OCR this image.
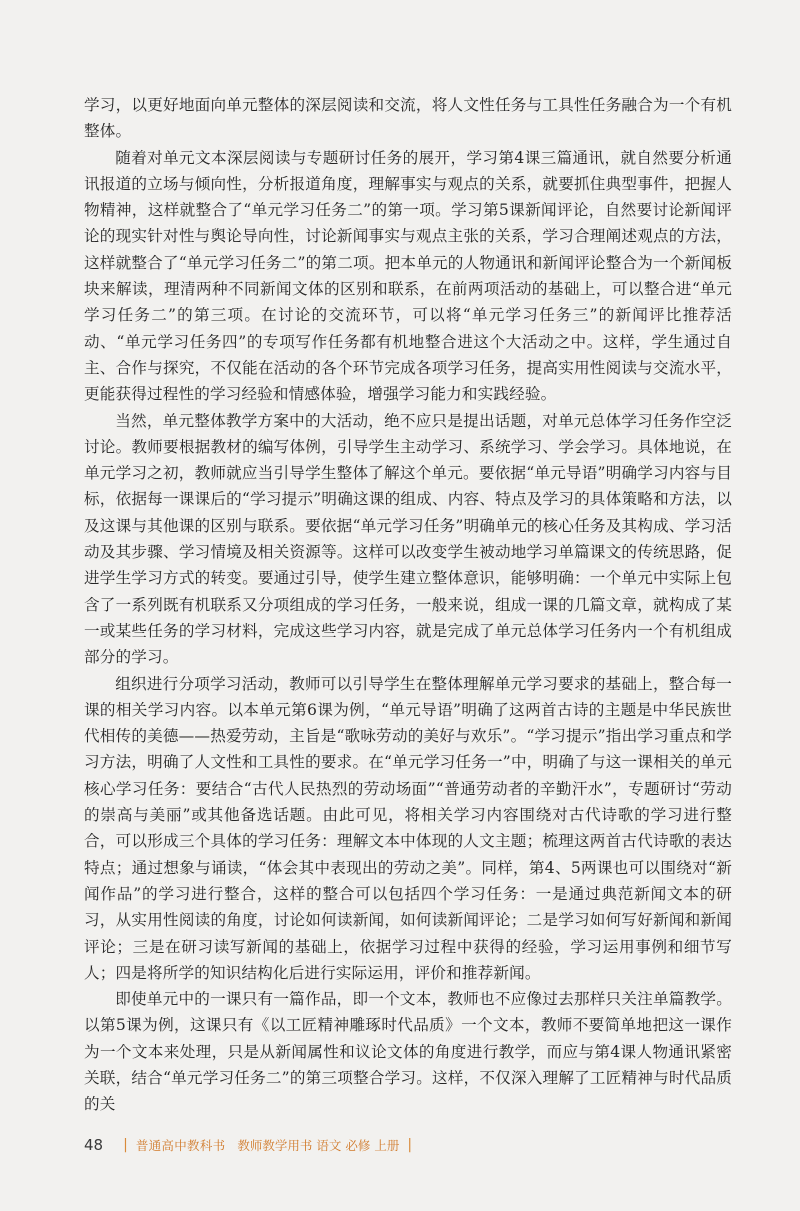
学习，以更好地面向单元整体的深层阅读和交流，将人文性任务与工具性任务融合为一个有机整体。

随着对单元文本深层阅读与专题研讨任务的展开，学习第4课三篇通讯，就自然要分析通讯报道的立场与倾向性，分析报道角度，理解事实与观点的关系，就要抓住典型事件，把握人物精神，这样就整合了“单元学习任务二”的第一项。学习第5课新闻评论，自然要讨论新闻评论的现实针对性与舆论导向性，讨论新闻事实与观点主张的关系，学习合理阐述观点的方法，这样就整合了“单元学习任务二”的第二项。把本单元的人物通讯和新闻评论整合为一个新闻板块来解读，理清两种不同新闻文体的区别和联系，在前两项活动的基础上，可以整合进“单元学习任务二”的第三项。在讨论的交流环节，可以将“单元学习任务三”的新闻评比推荐活动、“单元学习任务四”的专项写作任务都有机地整合进这个大活动之中。这样，学生通过自主、合作与探究，不仅能在活动的各个环节完成各项学习任务，提高实用性阅读与交流水平，更能获得过程性的学习经验和情感体验，增强学习能力和实践经验。

当然，单元整体教学方案中的大活动，绝不应只是提出话题，对单元总体学习任务作空泛讨论。教师要根据教材的编写体例，引导学生主动学习、系统学习、学会学习。具体地说，在单元学习之初，教师就应当引导学生整体了解这个单元。要依据“单元导语”明确学习内容与目标，依据每一课课后的“学习提示”明确这课的组成、内容、特点及学习的具体策略和方法，以及这课与其他课的区别与联系。要依据“单元学习任务”明确单元的核心任务及其构成、学习活动及其步骤、学习情境及相关资源等。这样可以改变学生被动地学习单篇课文的传统思路，促进学生学习方式的转变。要通过引导，使学生建立整体意识，能够明确：一个单元中实际上包含了一系列既有机联系又分项组成的学习任务，一般来说，组成一课的几篇文章，就构成了某一或某些任务的学习材料，完成这些学习内容，就是完成了单元总体学习任务内一个有机组成部分的学习。

组织进行分项学习活动，教师可以引导学生在整体理解单元学习要求的基础上，整合每一课的相关学习内容。以本单元第6课为例，“单元导语”明确了这两首古诗的主题是中华民族世代相传的美德——热爱劳动，主旨是“歌咏劳动的美好与欢乐”。“学习提示”指出学习重点和学习方法，明确了人文性和工具性的要求。在“单元学习任务一”中，明确了与这一课相关的单元核心学习任务：要结合“古代人民热烈的劳动场面”“普通劳动者的辛勤汗水”，专题研讨“劳动的崇高与美丽”或其他备选话题。由此可见，将相关学习内容围绕对古代诗歌的学习进行整合，可以形成三个具体的学习任务：理解文本中体现的人文主题；梳理这两首古代诗歌的表达特点；通过想象与诵读，“体会其中表现出的劳动之美”。同样，第4、5两课也可以围绕对“新闻作品”的学习进行整合，这样的整合可以包括四个学习任务：一是通过典范新闻文本的研习，从实用性阅读的角度，讨论如何读新闻，如何读新闻评论；二是学习如何写好新闻和新闻评论；三是在研习读写新闻的基础上，依据学习过程中获得的经验，学习运用事例和细节写人；四是将所学的知识结构化后进行实际运用，评价和推荐新闻。

即使单元中的一课只有一篇作品，即一个文本，教师也不应像过去那样只关注单篇教学。以第5课为例，这课只有《以工匠精神雕琢时代品质》一个文本，教师不要简单地把这一课作为一个文本来处理，只是从新闻属性和议论文体的角度进行教学，而应与第4课人物通讯紧密关联，结合“单元学习任务二”的第三项整合学习。这样，不仅深入理解了工匠精神与时代品质的关

48 | 普通高中教科书 教师教学用书 语文 必修 上册 |
